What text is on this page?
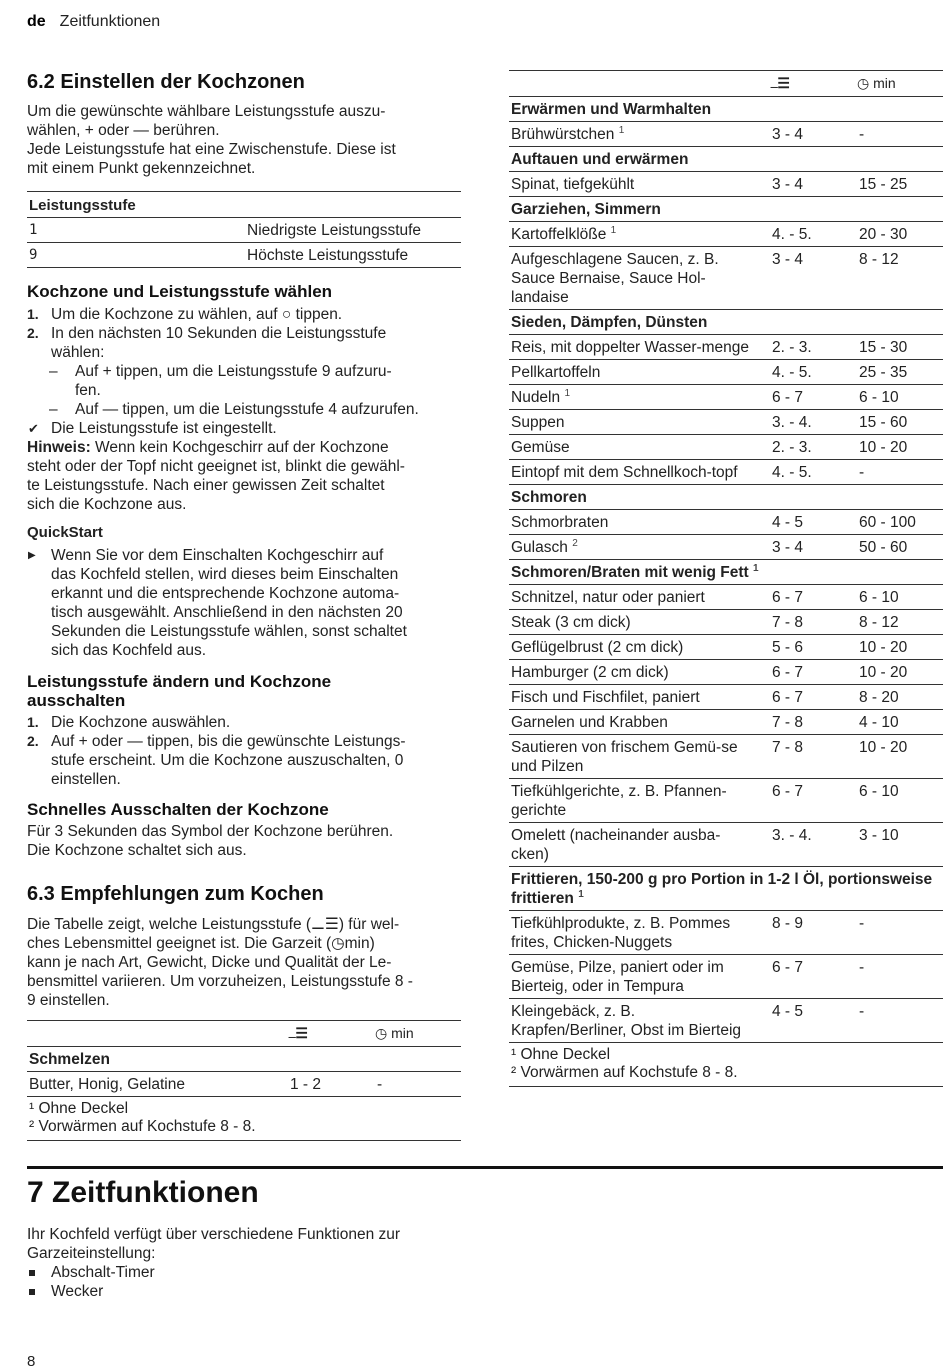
de Zeitfunktionen
6.2 Einstellen der Kochzonen

Um die gewünschte wählbare Leistungsstufe auszu-

wählen, + oder — berühren.

Jede Leistungsstufe hat eine Zwischenstufe. Diese ist

mit einem Punkt gekennzeichnet.

Leistungsstufe	
1	Niedrigste Leistungsstufe
9	Höchste Leistungsstufe
Kochzone und Leistungsstufe wählen
1. Um die Kochzone zu wählen, auf ○ tippen.
2. In den nächsten 10 Sekunden die Leistungsstufe
wählen:
– Auf + tippen, um die Leistungsstufe 9 aufzuru-
fen.
– Auf — tippen, um die Leistungsstufe 4 aufzurufen.
✔ Die Leistungsstufe ist eingestellt.
Hinweis: Wenn kein Kochgeschirr auf der Kochzone
steht oder der Topf nicht geeignet ist, blinkt die gewähl-
te Leistungsstufe. Nach einer gewissen Zeit schaltet
sich die Kochzone aus.
QuickStart
▶ Wenn Sie vor dem Einschalten Kochgeschirr auf

das Kochfeld stellen, wird dieses beim Einschalten

erkannt und die entsprechende Kochzone automa-

tisch ausgewählt. Anschließend in den nächsten 20

Sekunden die Leistungsstufe wählen, sonst schaltet

sich das Kochfeld aus.

Leistungsstufe ändern und Kochzone
ausschalten
1. Die Kochzone auswählen.
2. Auf + oder — tippen, bis die gewünschte Leistungs-
stufe erscheint. Um die Kochzone auszuschalten, 0
einstellen.
Schnelles Ausschalten der Kochzone

Für 3 Sekunden das Symbol der Kochzone berühren.

Die Kochzone schaltet sich aus.

6.3 Empfehlungen zum Kochen

Die Tabelle zeigt, welche Leistungsstufe (⚊☰) für wel-

ches Lebensmittel geeignet ist. Die Garzeit (◷min)

kann je nach Art, Gewicht, Dicke und Qualität der Le-

bensmittel variieren. Um vorzuheizen, Leistungsstufe 8 -

9 einstellen.

	⚊☰	◷ min
Schmelzen		
Butter, Honig, Gelatine	1 - 2	-

¹ Ohne Deckel
² Vorwärmen auf Kochstufe 8 - 8.		
	⚊☰	◷ min
Erwärmen und Warmhalten		
Brühwürstchen $^1$	3 - 4	-
Auftauen und erwärmen		
Spinat, tiefgekühlt	3 - 4	15 - 25
Garziehen, Simmern		
Kartoffelklöße $^1$	4. - 5.	20 - 30
Aufgeschlagene Saucen, z. B. Sauce Bernaise, Sauce Hol-landaise	3 - 4	8 - 12
Sieden, Dämpfen, Dünsten		
Reis, mit doppelter Wasser-menge	2. - 3.	15 - 30
Pellkartoffeln	4. - 5.	25 - 35
Nudeln $^1$	6 - 7	6 - 10
Suppen	3. - 4.	15 - 60
Gemüse	2. - 3.	10 - 20
Eintopf mit dem Schnellkoch-topf	4. - 5.	-
Schmoren		
Schmorbraten	4 - 5	60 - 100
Gulasch $^2$	3 - 4	50 - 60
Schmoren/Braten mit wenig Fett $^1$
Schnitzel, natur oder paniert	6 - 7	6 - 10
Steak (3 cm dick)	7 - 8	8 - 12
Geflügelbrust (2 cm dick)	5 - 6	10 - 20
Hamburger (2 cm dick)	6 - 7	10 - 20
Fisch und Fischfilet, paniert	6 - 7	8 - 20
Garnelen und Krabben	7 - 8	4 - 10
Sautieren von frischem Gemü-se und Pilzen	7 - 8	10 - 20
Tiefkühlgerichte, z. B. Pfannen-gerichte	6 - 7	6 - 10
Omelett (nacheinander ausba-cken)	3. - 4.	3 - 10
Frittieren, 150-200 g pro Portion in 1-2 l Öl, portionsweise frittieren $^1$
Tiefkühlprodukte, z. B. Pommes frites, Chicken-Nuggets	8 - 9	-
Gemüse, Pilze, paniert oder im Bierteig, oder in Tempura	6 - 7	-
Kleingebäck, z. B. Krapfen/Berliner, Obst im Bierteig	4 - 5	-

¹ Ohne Deckel
² Vorwärmen auf Kochstufe 8 - 8.		
7 Zeitfunktionen

Ihr Kochfeld verfügt über verschiedene Funktionen zur

Garzeiteinstellung:

Abschalt-Timer
Wecker
8
